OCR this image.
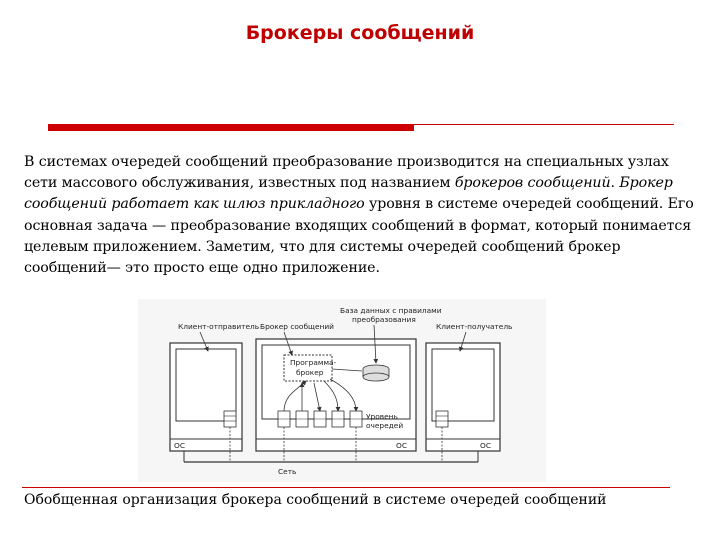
Брокеры сообщений

В системах очередей сообщений преобразование производится на специальных узлах сети массового обслуживания, известных под названием брокеров сообщений. Брокер сообщений работает как шлюз прикладного уровня в системе очередей сообщений. Его основная задача — преобразование входящих сообщений в формат, который понимается целевым приложением. Заметим, что для системы очередей сообщений брокер сообщений— это просто еще одно приложение.

ОС
Программа-
брокер
Уровень
очередей
ОС	ОС
Сеть
Клиент-отправитель Брокер сообщений
База данных с правилами
преобразования
Клиент-получатель
Обобщенная организация брокера сообщений в системе очередей сообщений
